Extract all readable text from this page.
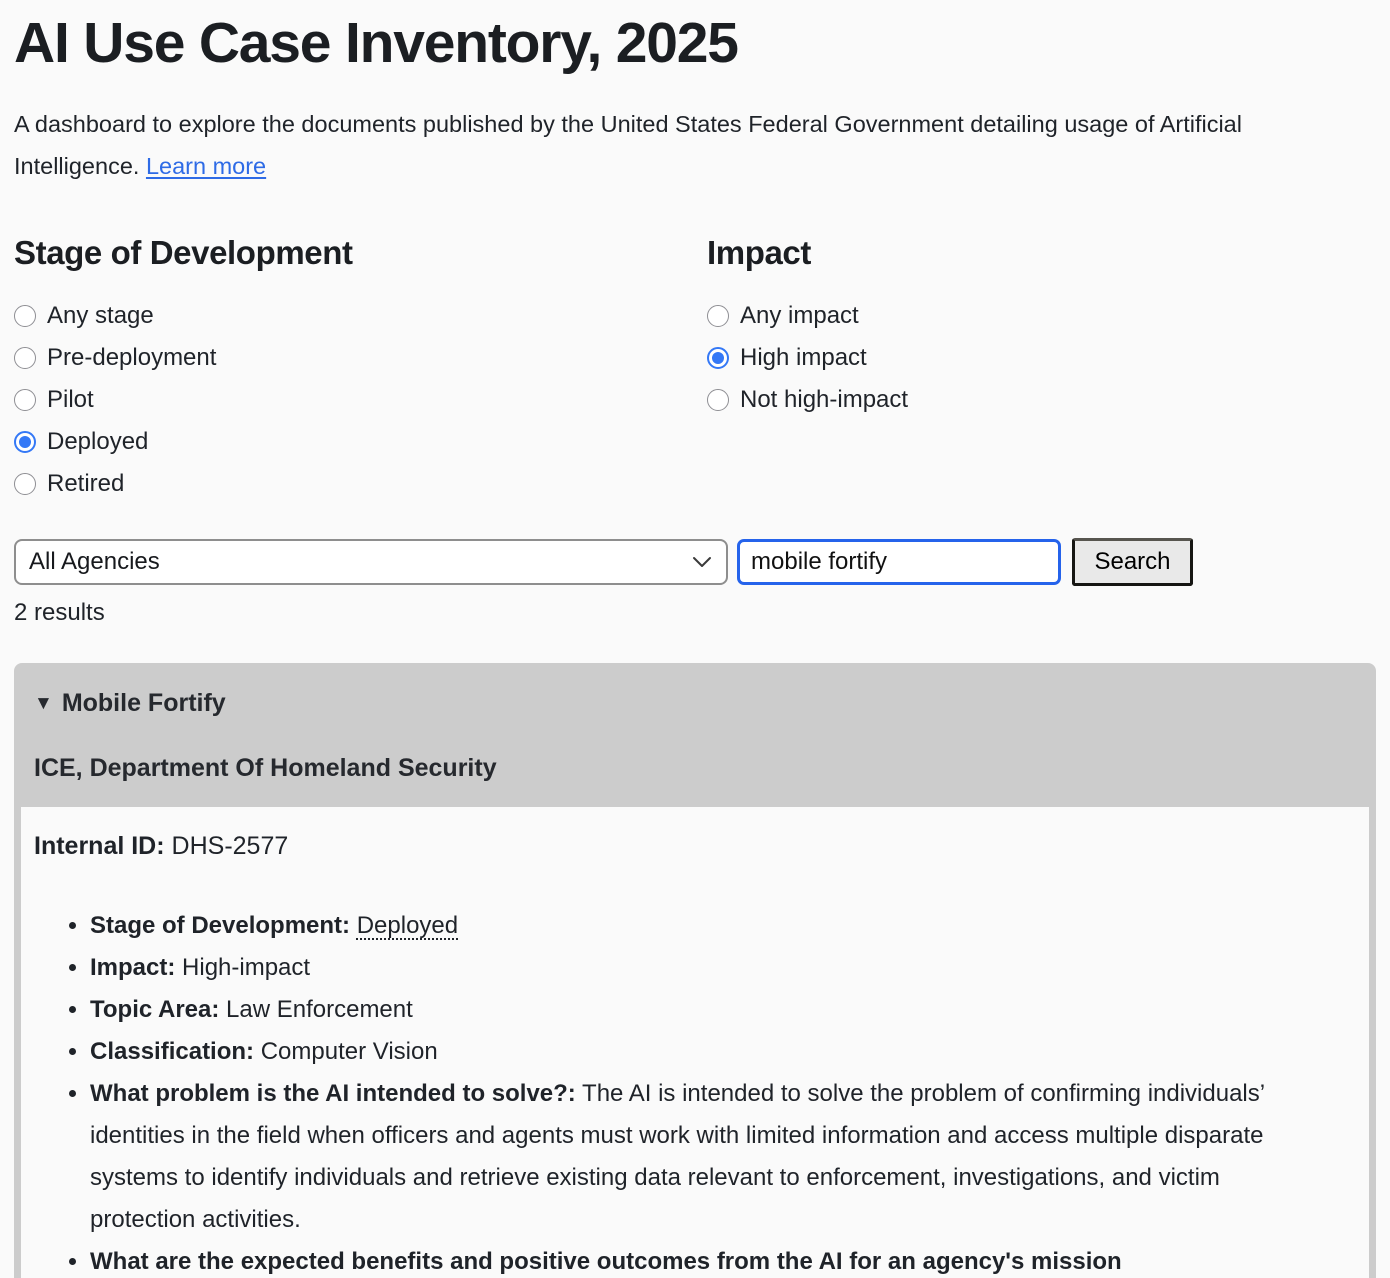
AI Use Case Inventory, 2025

A dashboard to explore the documents published by the United States Federal Government detailing usage of Artificial Intelligence. Learn more

Stage of Development
Any stage
Pre-deployment
Pilot
Deployed
Retired
Impact
Any impact
High impact
Not high-impact
All Agencies
mobile fortify	Search
2 results
▼ Mobile Fortify
ICE, Department Of Homeland Security

Internal ID: DHS-2577

• Stage of Development: Deployed
• Impact: High-impact
• Topic Area: Law Enforcement
• Classification: Computer Vision
• What problem is the AI intended to solve?: The AI is intended to solve the problem of confirming individuals’ identities in the field when officers and agents must work with limited information and access multiple disparate systems to identify individuals and retrieve existing data relevant to enforcement, investigations, and victim protection activities.
• What are the expected benefits and positive outcomes from the AI for an agency's mission
